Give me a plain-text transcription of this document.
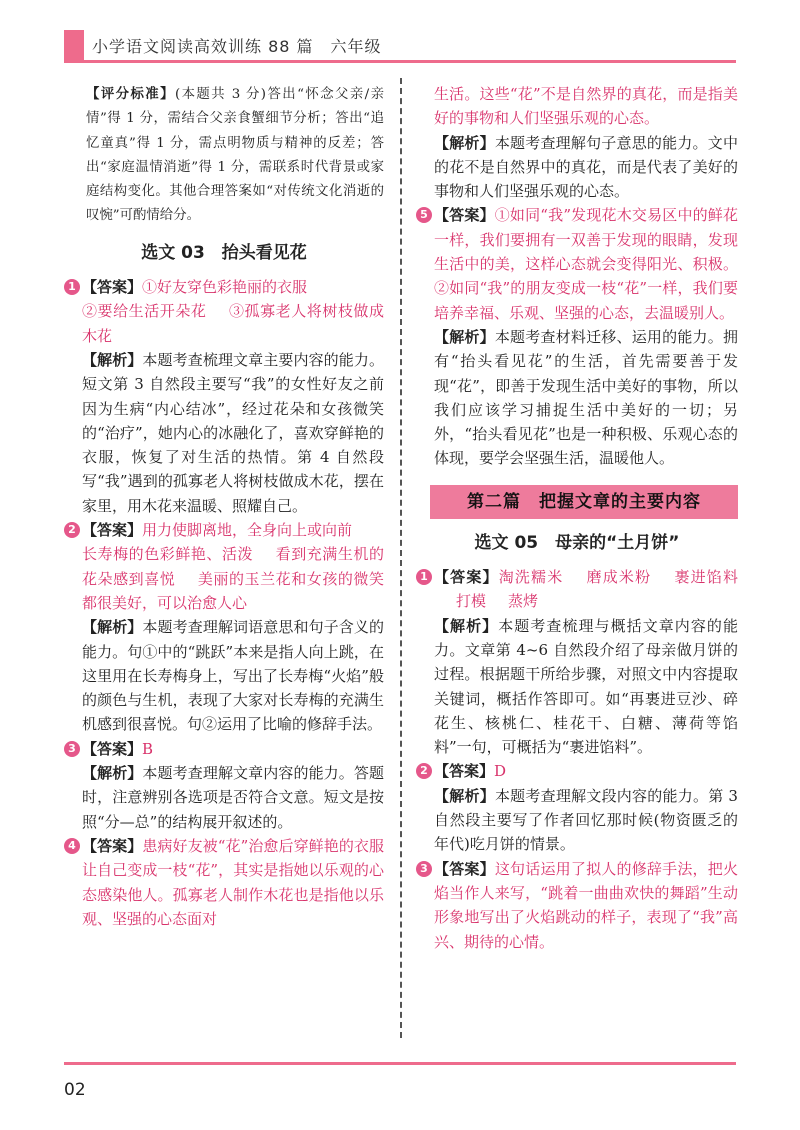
小学语文阅读高效训练 88 篇　六年级

【评分标准】(本题共 3 分)答出“怀念父亲/亲情”得 1 分，需结合父亲食蟹细节分析；答出“追忆童真”得 1 分，需点明物质与精神的反差；答出“家庭温情消逝”得 1 分，需联系时代背景或家庭结构变化。其他合理答案如“对传统文化消逝的叹惋”可酌情给分。

选文 03　抬头看见花
1 【答案】①好友穿色彩艳丽的衣服
②要给生活开朵花 ③孤寡老人将树枝做成木花

【解析】本题考查梳理文章主要内容的能力。短文第 3 自然段主要写“我”的女性好友之前因为生病“内心结冰”，经过花朵和女孩微笑的“治疗”，她内心的冰融化了，喜欢穿鲜艳的衣服，恢复了对生活的热情。第 4 自然段写“我”遇到的孤寡老人将树枝做成木花，摆在家里，用木花来温暖、照耀自己。

2 【答案】用力使脚离地，全身向上或向前
长寿梅的色彩鲜艳、活泼 看到充满生机的花朵感到喜悦 美丽的玉兰花和女孩的微笑都很美好，可以治愈人心

【解析】本题考查理解词语意思和句子含义的能力。句①中的“跳跃”本来是指人向上跳，在这里用在长寿梅身上，写出了长寿梅“火焰”般的颜色与生机，表现了大家对长寿梅的充满生机感到很喜悦。句②运用了比喻的修辞手法。

3 【答案】B

【解析】本题考查理解文章内容的能力。答题时，注意辨别各选项是否符合文意。短文是按照“分—总”的结构展开叙述的。

4 【答案】患病好友被“花”治愈后穿鲜艳的衣服让自己变成一枝“花”，其实是指她以乐观的心态感染他人。孤寡老人制作木花也是指他以乐观、坚强的心态面对

生活。这些“花”不是自然界的真花，而是指美好的事物和人们坚强乐观的心态。

【解析】本题考查理解句子意思的能力。文中的花不是自然界中的真花，而是代表了美好的事物和人们坚强乐观的心态。

5 【答案】①如同“我”发现花木交易区中的鲜花一样，我们要拥有一双善于发现的眼睛，发现生活中的美，这样心态就会变得阳光、积极。②如同“我”的朋友变成一枝“花”一样，我们要培养幸福、乐观、坚强的心态，去温暖别人。

【解析】本题考查材料迁移、运用的能力。拥有“抬头看见花”的生活，首先需要善于发现“花”，即善于发现生活中美好的事物，所以我们应该学习捕捉生活中美好的一切；另外，“抬头看见花”也是一种积极、乐观心态的体现，要学会坚强生活，温暖他人。

第二篇　把握文章的主要内容
选文 05　母亲的“土月饼”
1 【答案】淘洗糯米 磨成米粉 裹进馅料打模 蒸烤

【解析】本题考查梳理与概括文章内容的能力。文章第 4~6 自然段介绍了母亲做月饼的过程。根据题干所给步骤，对照文中内容提取关键词，概括作答即可。如“再裹进豆沙、碎花生、核桃仁、桂花干、白糖、薄荷等馅料”一句，可概括为“裹进馅料”。

2 【答案】D

【解析】本题考查理解文段内容的能力。第 3 自然段主要写了作者回忆那时候(物资匮乏的年代)吃月饼的情景。

3 【答案】这句话运用了拟人的修辞手法，把火焰当作人来写，“跳着一曲曲欢快的舞蹈”生动形象地写出了火焰跳动的样子，表现了“我”高兴、期待的心情。
02
